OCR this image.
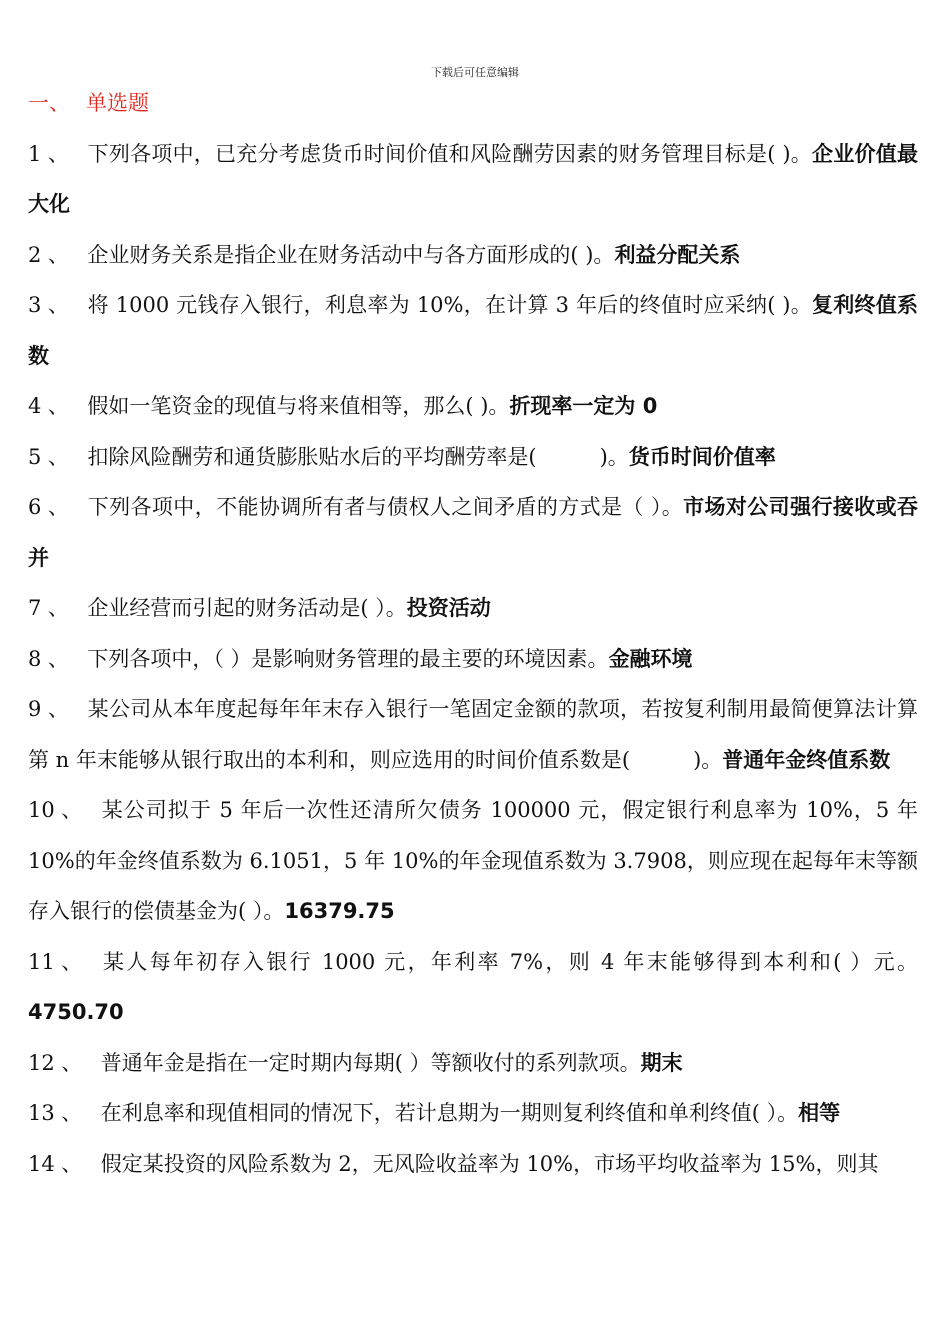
下载后可任意编辑
一、 单选题
1 、 下列各项中，已充分考虑货币时间价值和风险酬劳因素的财务管理目标是( )。企业价值最大化
2 、 企业财务关系是指企业在财务活动中与各方面形成的( )。利益分配关系
3 、 将 1000 元钱存入银行，利息率为 10%，在计算 3 年后的终值时应采纳( )。复利终值系数
4 、 假如一笔资金的现值与将来值相等，那么( )。折现率一定为 0
5 、 扣除风险酬劳和通货膨胀贴水后的平均酬劳率是(　　　)。货币时间价值率
6 、 下列各项中，不能协调所有者与债权人之间矛盾的方式是（ ）。市场对公司强行接收或吞并
7 、 企业经营而引起的财务活动是( ）。投资活动
8 、 下列各项中，（ ）是影响财务管理的最主要的环境因素。金融环境
9 、 某公司从本年度起每年年末存入银行一笔固定金额的款项，若按复利制用最简便算法计算第 n 年末能够从银行取出的本利和，则应选用的时间价值系数是(　　　)。普通年金终值系数
10 、 某公司拟于 5 年后一次性还清所欠债务 100000 元，假定银行利息率为 10%，5 年 10%的年金终值系数为 6.1051，5 年 10%的年金现值系数为 3.7908，则应现在起每年末等额存入银行的偿债基金为( ）。16379.75
11 、 某人每年初存入银行 1000 元，年利率 7%，则 4 年末能够得到本利和( ）元。4750.70
12 、 普通年金是指在一定时期内每期( ）等额收付的系列款项。期末
13 、 在利息率和现值相同的情况下，若计息期为一期则复利终值和单利终值( ）。相等
14 、 假定某投资的风险系数为 2，无风险收益率为 10%，市场平均收益率为 15%，则其
